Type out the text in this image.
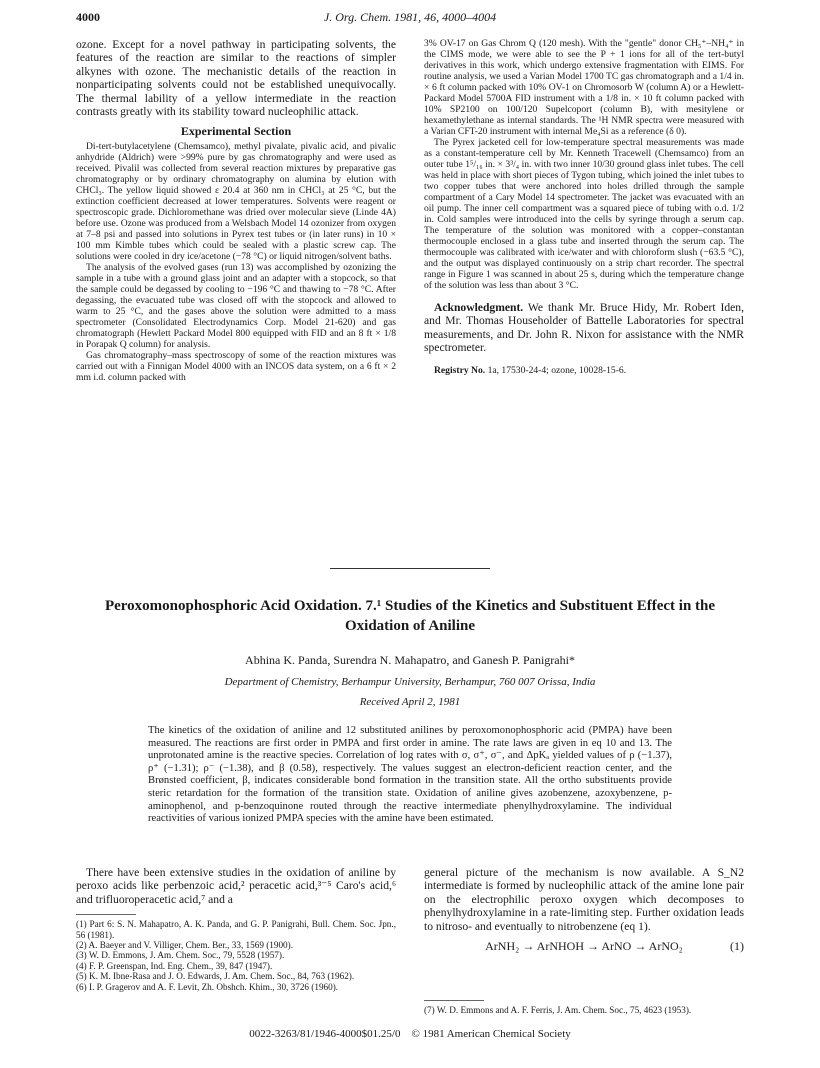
4000	J. Org. Chem. 1981, 46, 4000–4004

ozone. Except for a novel pathway in participating solvents, the features of the reaction are similar to the reactions of simpler alkynes with ozone. The mechanistic details of the reaction in nonparticipating solvents could not be established unequivocally. The thermal lability of a yellow intermediate in the reaction contrasts greatly with its stability toward nucleophilic attack.

Experimental Section

Di-tert-butylacetylene (Chemsamco), methyl pivalate, pivalic acid, and pivalic anhydride (Aldrich) were >99% pure by gas chromatography and were used as received. Pivalil was collected from several reaction mixtures by preparative gas chromatography or by ordinary chromatography on alumina by elution with CHCl₃. The yellow liquid showed ε 20.4 at 360 nm in CHCl₃ at 25 °C, but the extinction coefficient decreased at lower temperatures. Solvents were reagent or spectroscopic grade. Dichloromethane was dried over molecular sieve (Linde 4A) before use. Ozone was produced from a Welsbach Model 14 ozonizer from oxygen at 7–8 psi and passed into solutions in Pyrex test tubes or (in later runs) in 10 × 100 mm Kimble tubes which could be sealed with a plastic screw cap. The solutions were cooled in dry ice/acetone (−78 °C) or liquid nitrogen/solvent baths.

The analysis of the evolved gases (run 13) was accomplished by ozonizing the sample in a tube with a ground glass joint and an adapter with a stopcock, so that the sample could be degassed by cooling to −196 °C and thawing to −78 °C. After degassing, the evacuated tube was closed off with the stopcock and allowed to warm to 25 °C, and the gases above the solution were admitted to a mass spectrometer (Consolidated Electrodynamics Corp. Model 21-620) and gas chromatograph (Hewlett Packard Model 800 equipped with FID and an 8 ft × 1/8 in Porapak Q column) for analysis.

Gas chromatography–mass spectroscopy of some of the reaction mixtures was carried out with a Finnigan Model 4000 with an INCOS data system, on a 6 ft × 2 mm i.d. column packed with

3% OV-17 on Gas Chrom Q (120 mesh). With the "gentle" donor CH₅⁺–NH₄⁺ in the CIMS mode, we were able to see the P + 1 ions for all of the tert-butyl derivatives in this work, which undergo extensive fragmentation with EIMS. For routine analysis, we used a Varian Model 1700 TC gas chromatograph and a 1/4 in. × 6 ft column packed with 10% OV-1 on Chromosorb W (column A) or a Hewlett-Packard Model 5700A FID instrument with a 1/8 in. × 10 ft column packed with 10% SP2100 on 100/120 Supelcoport (column B), with mesitylene or hexamethylethane as internal standards. The ¹H NMR spectra were measured with a Varian CFT-20 instrument with internal Me₄Si as a reference (δ 0).

The Pyrex jacketed cell for low-temperature spectral measurements was made as a constant-temperature cell by Mr. Kenneth Tracewell (Chemsamco) from an outer tube 1⁵/₁₆ in. × 3³/₄ in. with two inner 10/30 ground glass inlet tubes. The cell was held in place with short pieces of Tygon tubing, which joined the inlet tubes to two copper tubes that were anchored into holes drilled through the sample compartment of a Cary Model 14 spectrometer. The jacket was evacuated with an oil pump. The inner cell compartment was a squared piece of tubing with o.d. 1/2 in. Cold samples were introduced into the cells by syringe through a serum cap. The temperature of the solution was monitored with a copper–constantan thermocouple enclosed in a glass tube and inserted through the serum cap. The thermocouple was calibrated with ice/water and with chloroform slush (−63.5 °C), and the output was displayed continuously on a strip chart recorder. The spectral range in Figure 1 was scanned in about 25 s, during which the temperature change of the solution was less than about 3 °C.

Acknowledgment. We thank Mr. Bruce Hidy, Mr. Robert Iden, and Mr. Thomas Householder of Battelle Laboratories for spectral measurements, and Dr. John R. Nixon for assistance with the NMR spectrometer.

Registry No. 1a, 17530-24-4; ozone, 10028-15-6.

Peroxomonophosphoric Acid Oxidation. 7.¹ Studies of the Kinetics and Substituent Effect in the Oxidation of Aniline
Abhina K. Panda, Surendra N. Mahapatro, and Ganesh P. Panigrahi*
Department of Chemistry, Berhampur University, Berhampur, 760 007 Orissa, India
Received April 2, 1981
The kinetics of the oxidation of aniline and 12 substituted anilines by peroxomonophosphoric acid (PMPA) have been measured. The reactions are first order in PMPA and first order in amine. The rate laws are given in eq 10 and 13. The unprotonated amine is the reactive species. Correlation of log rates with σ, σ⁺, σ⁻, and ΔpKₐ yielded values of ρ (−1.37), ρ⁺ (−1.31); ρ⁻ (−1.38), and β (0.58), respectively. The values suggest an electron-deficient reaction center, and the Brønsted coefficient, β, indicates considerable bond formation in the transition state. All the ortho substituents provide steric retardation for the formation of the transition state. Oxidation of aniline gives azobenzene, azoxybenzene, p-aminophenol, and p-benzoquinone routed through the reactive intermediate phenylhydroxylamine. The individual reactivities of various ionized PMPA species with the amine have been estimated.

There have been extensive studies in the oxidation of aniline by peroxo acids like perbenzoic acid,² peracetic acid,³⁻⁵ Caro's acid,⁶ and trifluoroperacetic acid,⁷ and a

(1) Part 6: S. N. Mahapatro, A. K. Panda, and G. P. Panigrahi, Bull. Chem. Soc. Jpn., 56 (1981).

(2) A. Baeyer and V. Villiger, Chem. Ber., 33, 1569 (1900).

(3) W. D. Emmons, J. Am. Chem. Soc., 79, 5528 (1957).

(4) F. P. Greenspan, Ind. Eng. Chem., 39, 847 (1947).

(5) K. M. Ibne-Rasa and J. O. Edwards, J. Am. Chem. Soc., 84, 763 (1962).

(6) I. P. Gragerov and A. F. Levit, Zh. Obshch. Khim., 30, 3726 (1960).

general picture of the mechanism is now available. A S_N2 intermediate is formed by nucleophilic attack of the amine lone pair on the electrophilic peroxo oxygen which decomposes to phenylhydroxylamine in a rate-limiting step. Further oxidation leads to nitroso- and eventually to nitrobenzene (eq 1).

ArNH₂ → ArNHOH → ArNO → ArNO₂	(1)

(7) W. D. Emmons and A. F. Ferris, J. Am. Chem. Soc., 75, 4623 (1953).

0022-3263/81/1946-4000$01.25/0 © 1981 American Chemical Society
